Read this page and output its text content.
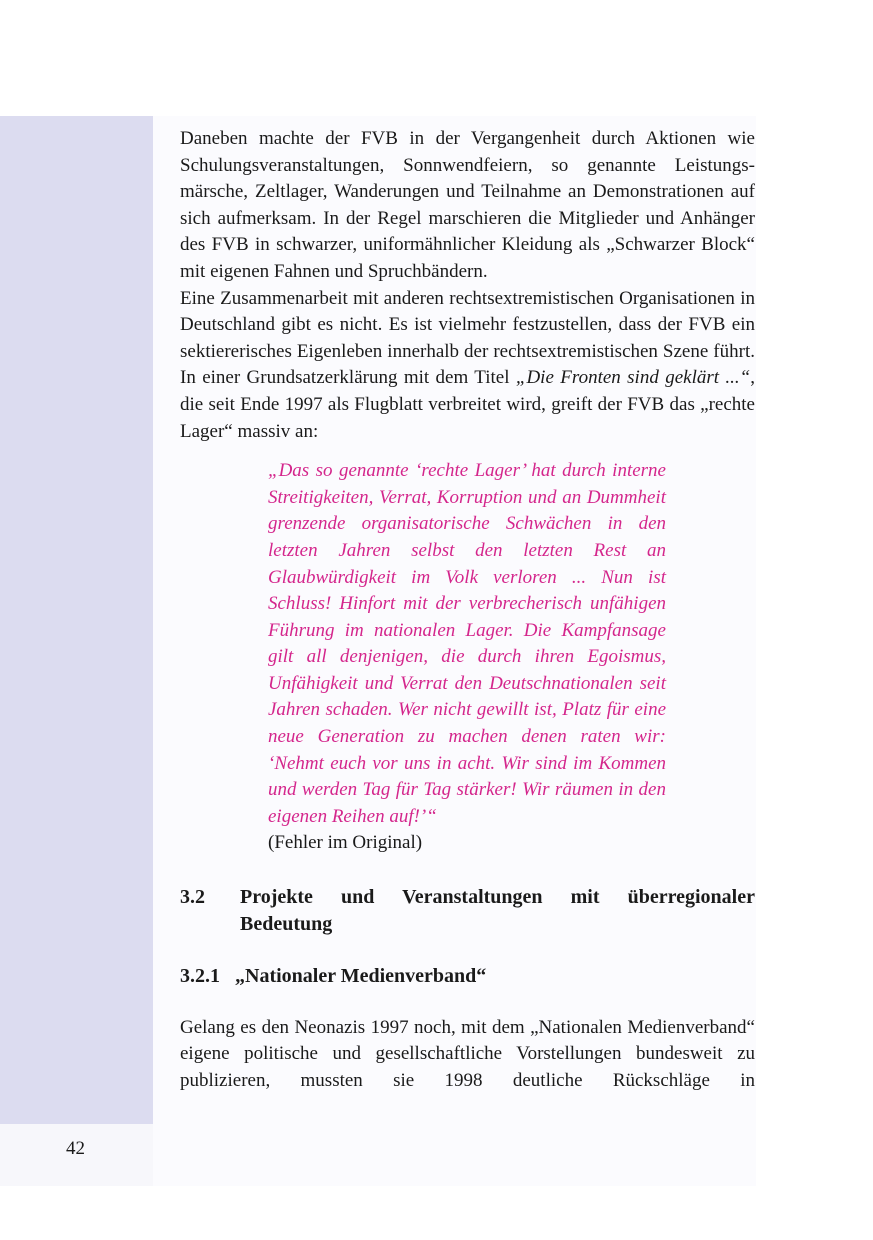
42

Daneben machte der FVB in der Vergangenheit durch Aktionen wie Schulungsveranstaltungen, Sonnwendfeiern, so genannte Leistungsmärsche, Zeltlager, Wanderungen und Teilnahme an Demonstrationen auf sich aufmerksam. In der Regel marschieren die Mitglieder und Anhänger des FVB in schwarzer, uniformähnlicher Kleidung als „Schwarzer Block“ mit eigenen Fahnen und Spruchbändern.

Eine Zusammenarbeit mit anderen rechtsextremistischen Organisationen in Deutschland gibt es nicht. Es ist vielmehr festzustellen, dass der FVB ein sektiererisches Eigenleben innerhalb der rechtsextremistischen Szene führt. In einer Grundsatzerklärung mit dem Titel „Die Fronten sind geklärt ...“, die seit Ende 1997 als Flugblatt verbreitet wird, greift der FVB das „rechte Lager“ massiv an:

„Das so genannte ‘rechte Lager’ hat durch interne Streitigkeiten, Verrat, Korruption und an Dummheit grenzende organisatorische Schwächen in den letzten Jahren selbst den letzten Rest an Glaubwürdigkeit im Volk verloren ... Nun ist Schluss! Hinfort mit der verbrecherisch unfähigen Führung im nationalen Lager. Die Kampfansage gilt all denjenigen, die durch ihren Egoismus, Unfähigkeit und Verrat den Deutschnationalen seit Jahren schaden. Wer nicht gewillt ist, Platz für eine neue Generation zu machen denen raten wir: ‘Nehmt euch vor uns in acht. Wir sind im Kommen und werden Tag für Tag stärker! Wir räumen in den eigenen Reihen auf!’“

(Fehler im Original)

3.2	Projekte und Veranstaltungen mit überregionaler Bedeutung
3.2.1 „Nationaler Medienverband“

Gelang es den Neonazis 1997 noch, mit dem „Nationalen Medienverband“ eigene politische und gesellschaftliche Vorstellungen bundesweit zu publizieren, mussten sie 1998 deutliche Rückschläge in
